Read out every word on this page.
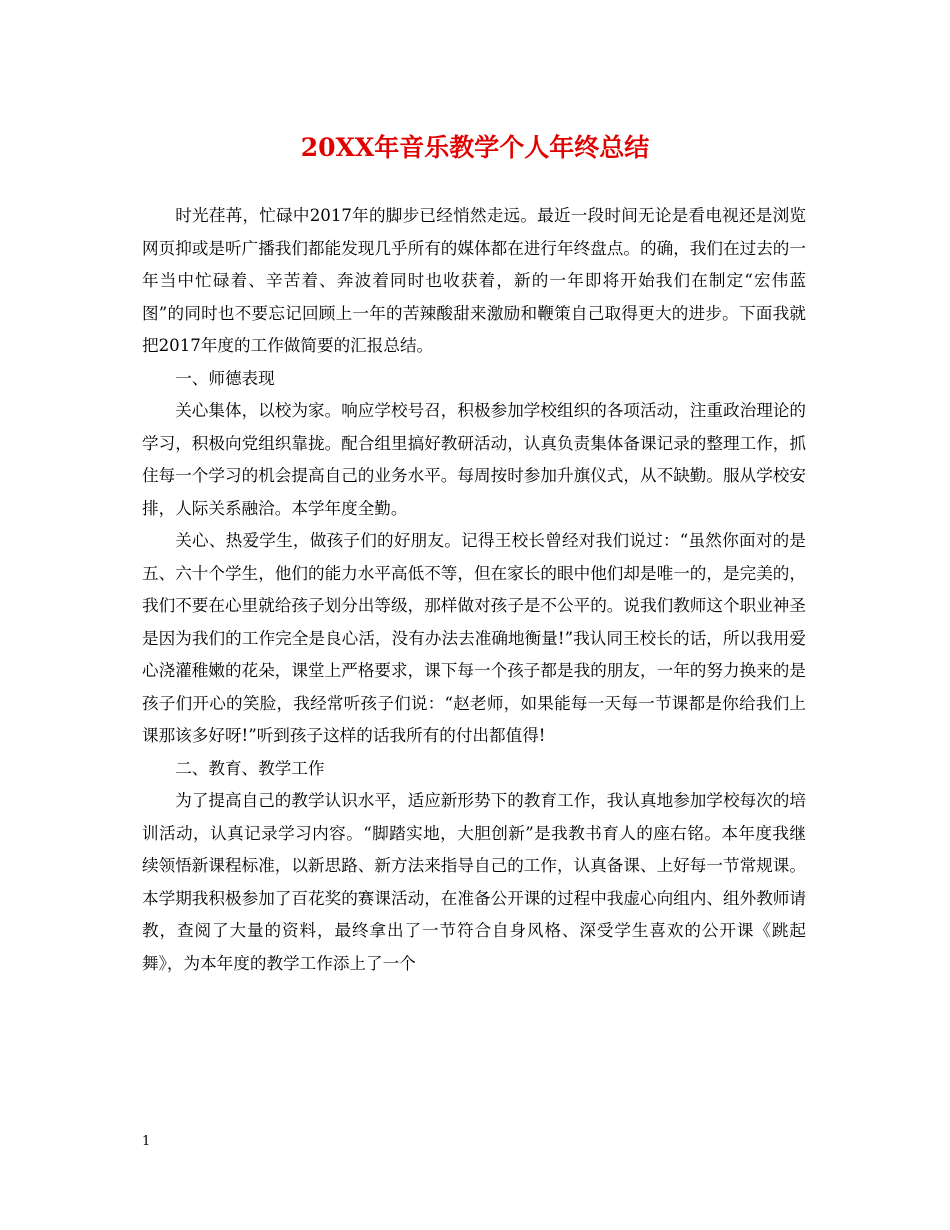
20XX年音乐教学个人年终总结

时光荏苒，忙碌中2017年的脚步已经悄然走远。最近一段时间无论是看电视还是浏览网页抑或是听广播我们都能发现几乎所有的媒体都在进行年终盘点。的确，我们在过去的一年当中忙碌着、辛苦着、奔波着同时也收获着，新的一年即将开始我们在制定“宏伟蓝图”的同时也不要忘记回顾上一年的苦辣酸甜来激励和鞭策自己取得更大的进步。下面我就把2017年度的工作做简要的汇报总结。

一、师德表现

关心集体，以校为家。响应学校号召，积极参加学校组织的各项活动，注重政治理论的学习，积极向党组织靠拢。配合组里搞好教研活动，认真负责集体备课记录的整理工作，抓住每一个学习的机会提高自己的业务水平。每周按时参加升旗仪式，从不缺勤。服从学校安排，人际关系融洽。本学年度全勤。

关心、热爱学生，做孩子们的好朋友。记得王校长曾经对我们说过：“虽然你面对的是五、六十个学生，他们的能力水平高低不等，但在家长的眼中他们却是唯一的，是完美的，我们不要在心里就给孩子划分出等级，那样做对孩子是不公平的。说我们教师这个职业神圣是因为我们的工作完全是良心活，没有办法去准确地衡量!”我认同王校长的话，所以我用爱心浇灌稚嫩的花朵，课堂上严格要求，课下每一个孩子都是我的朋友，一年的努力换来的是孩子们开心的笑脸，我经常听孩子们说：“赵老师，如果能每一天每一节课都是你给我们上课那该多好呀!”听到孩子这样的话我所有的付出都值得!

二、教育、教学工作

为了提高自己的教学认识水平，适应新形势下的教育工作，我认真地参加学校每次的培训活动，认真记录学习内容。“脚踏实地，大胆创新”是我教书育人的座右铭。本年度我继续领悟新课程标准，以新思路、新方法来指导自己的工作，认真备课、上好每一节常规课。 本学期我积极参加了百花奖的赛课活动，在准备公开课的过程中我虚心向组内、组外教师请教，查阅了大量的资料，最终拿出了一节符合自身风格、深受学生喜欢的公开课《跳起舞》，为本年度的教学工作添上了一个

1
